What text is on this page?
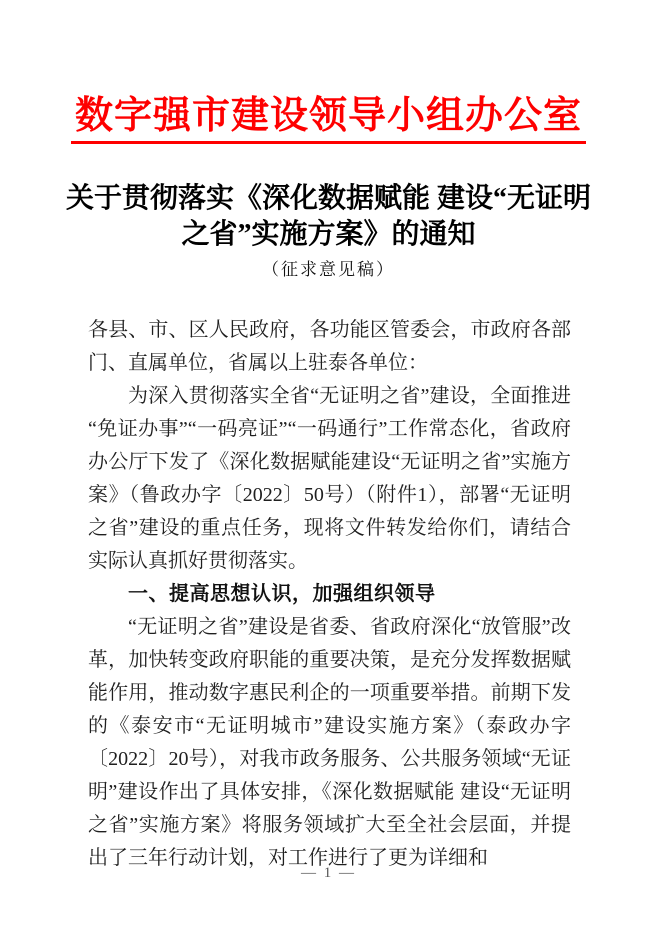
数字强市建设领导小组办公室
关于贯彻落实《深化数据赋能 建设“无证明
之省”实施方案》的通知
（征求意见稿）

各县、市、区人民政府，各功能区管委会，市政府各部门、直属单位，省属以上驻泰各单位：

为深入贯彻落实全省“无证明之省”建设，全面推进“免证办事”“一码亮证”“一码通行”工作常态化，省政府办公厅下发了《深化数据赋能建设“无证明之省”实施方案》（鲁政办字〔2022〕50号）（附件1），部署“无证明之省”建设的重点任务，现将文件转发给你们，请结合实际认真抓好贯彻落实。

一、提高思想认识，加强组织领导

“无证明之省”建设是省委、省政府深化“放管服”改革，加快转变政府职能的重要决策，是充分发挥数据赋能作用，推动数字惠民利企的一项重要举措。前期下发的《泰安市“无证明城市”建设实施方案》（泰政办字〔2022〕20号），对我市政务服务、公共服务领域“无证明”建设作出了具体安排，《深化数据赋能 建设“无证明之省”实施方案》将服务领域扩大至全社会层面，并提出了三年行动计划，对工作进行了更为详细和

— 1 —
